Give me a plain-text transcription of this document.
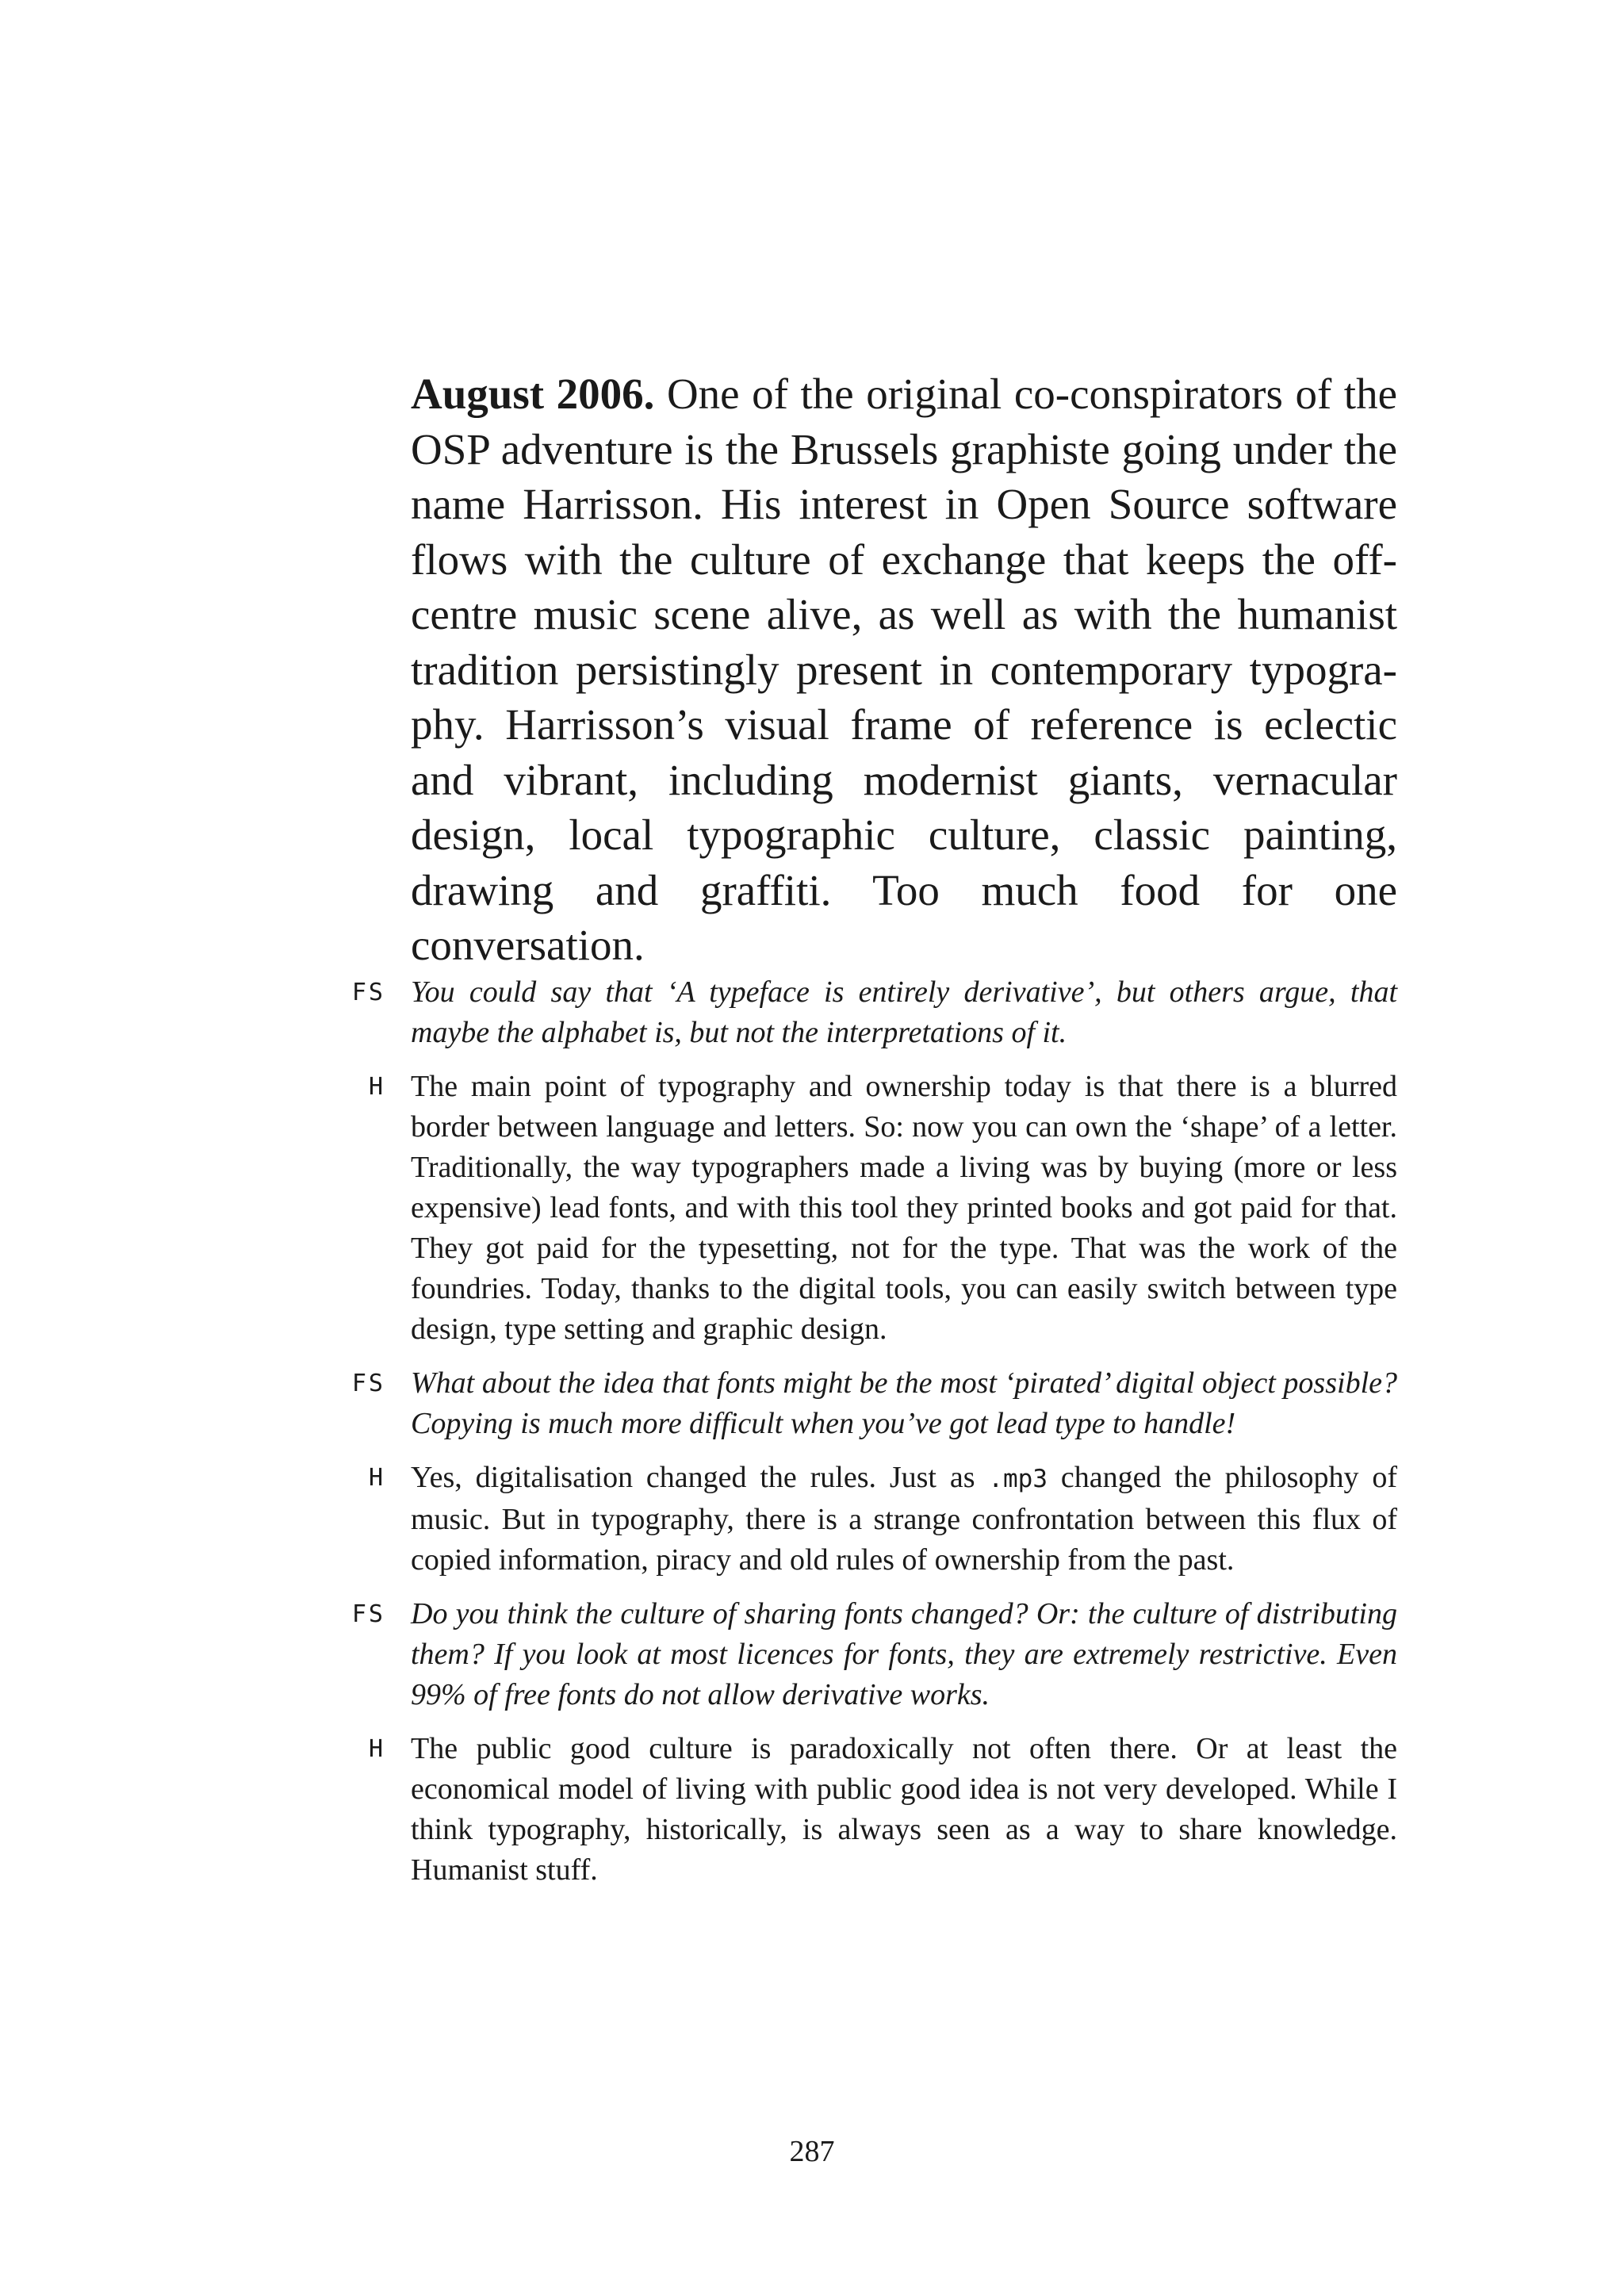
August 2006. One of the original co-conspirators of the OSP adventure is the Brussels graphiste going under the name Harrisson. His interest in Open Source software flows with the culture of exchange that keeps the offcentre music scene alive, as well as with the humanist tradition persistingly present in contemporary typography. Harrisson’s visual frame of reference is eclectic and vibrant, including modernist giants, vernacular design, local typographic culture, classic painting, drawing and graffiti. Too much food for one conversation.

FS You could say that ‘A typeface is entirely derivative’, but others argue, that maybe the alphabet is, but not the interpretations of it.

H The main point of typography and ownership today is that there is a blurred border between language and letters. So: now you can own the ‘shape’ of a letter. Traditionally, the way typographers made a living was by buying (more or less expensive) lead fonts, and with this tool they printed books and got paid for that. They got paid for the typesetting, not for the type. That was the work of the foundries. Today, thanks to the digital tools, you can easily switch between type design, type setting and graphic design.

FS What about the idea that fonts might be the most ‘pirated’ digital object possible? Copying is much more difficult when you’ve got lead type to handle!

H Yes, digitalisation changed the rules. Just as .mp3 changed the philosophy of music. But in typography, there is a strange confrontation between this flux of copied information, piracy and old rules of ownership from the past.

FS Do you think the culture of sharing fonts changed? Or: the culture of distributing them? If you look at most licences for fonts, they are extremely restrictive. Even 99% of free fonts do not allow derivative works.

H The public good culture is paradoxically not often there. Or at least the economical model of living with public good idea is not very developed. While I think typography, historically, is always seen as a way to share knowledge. Humanist stuff.

287
